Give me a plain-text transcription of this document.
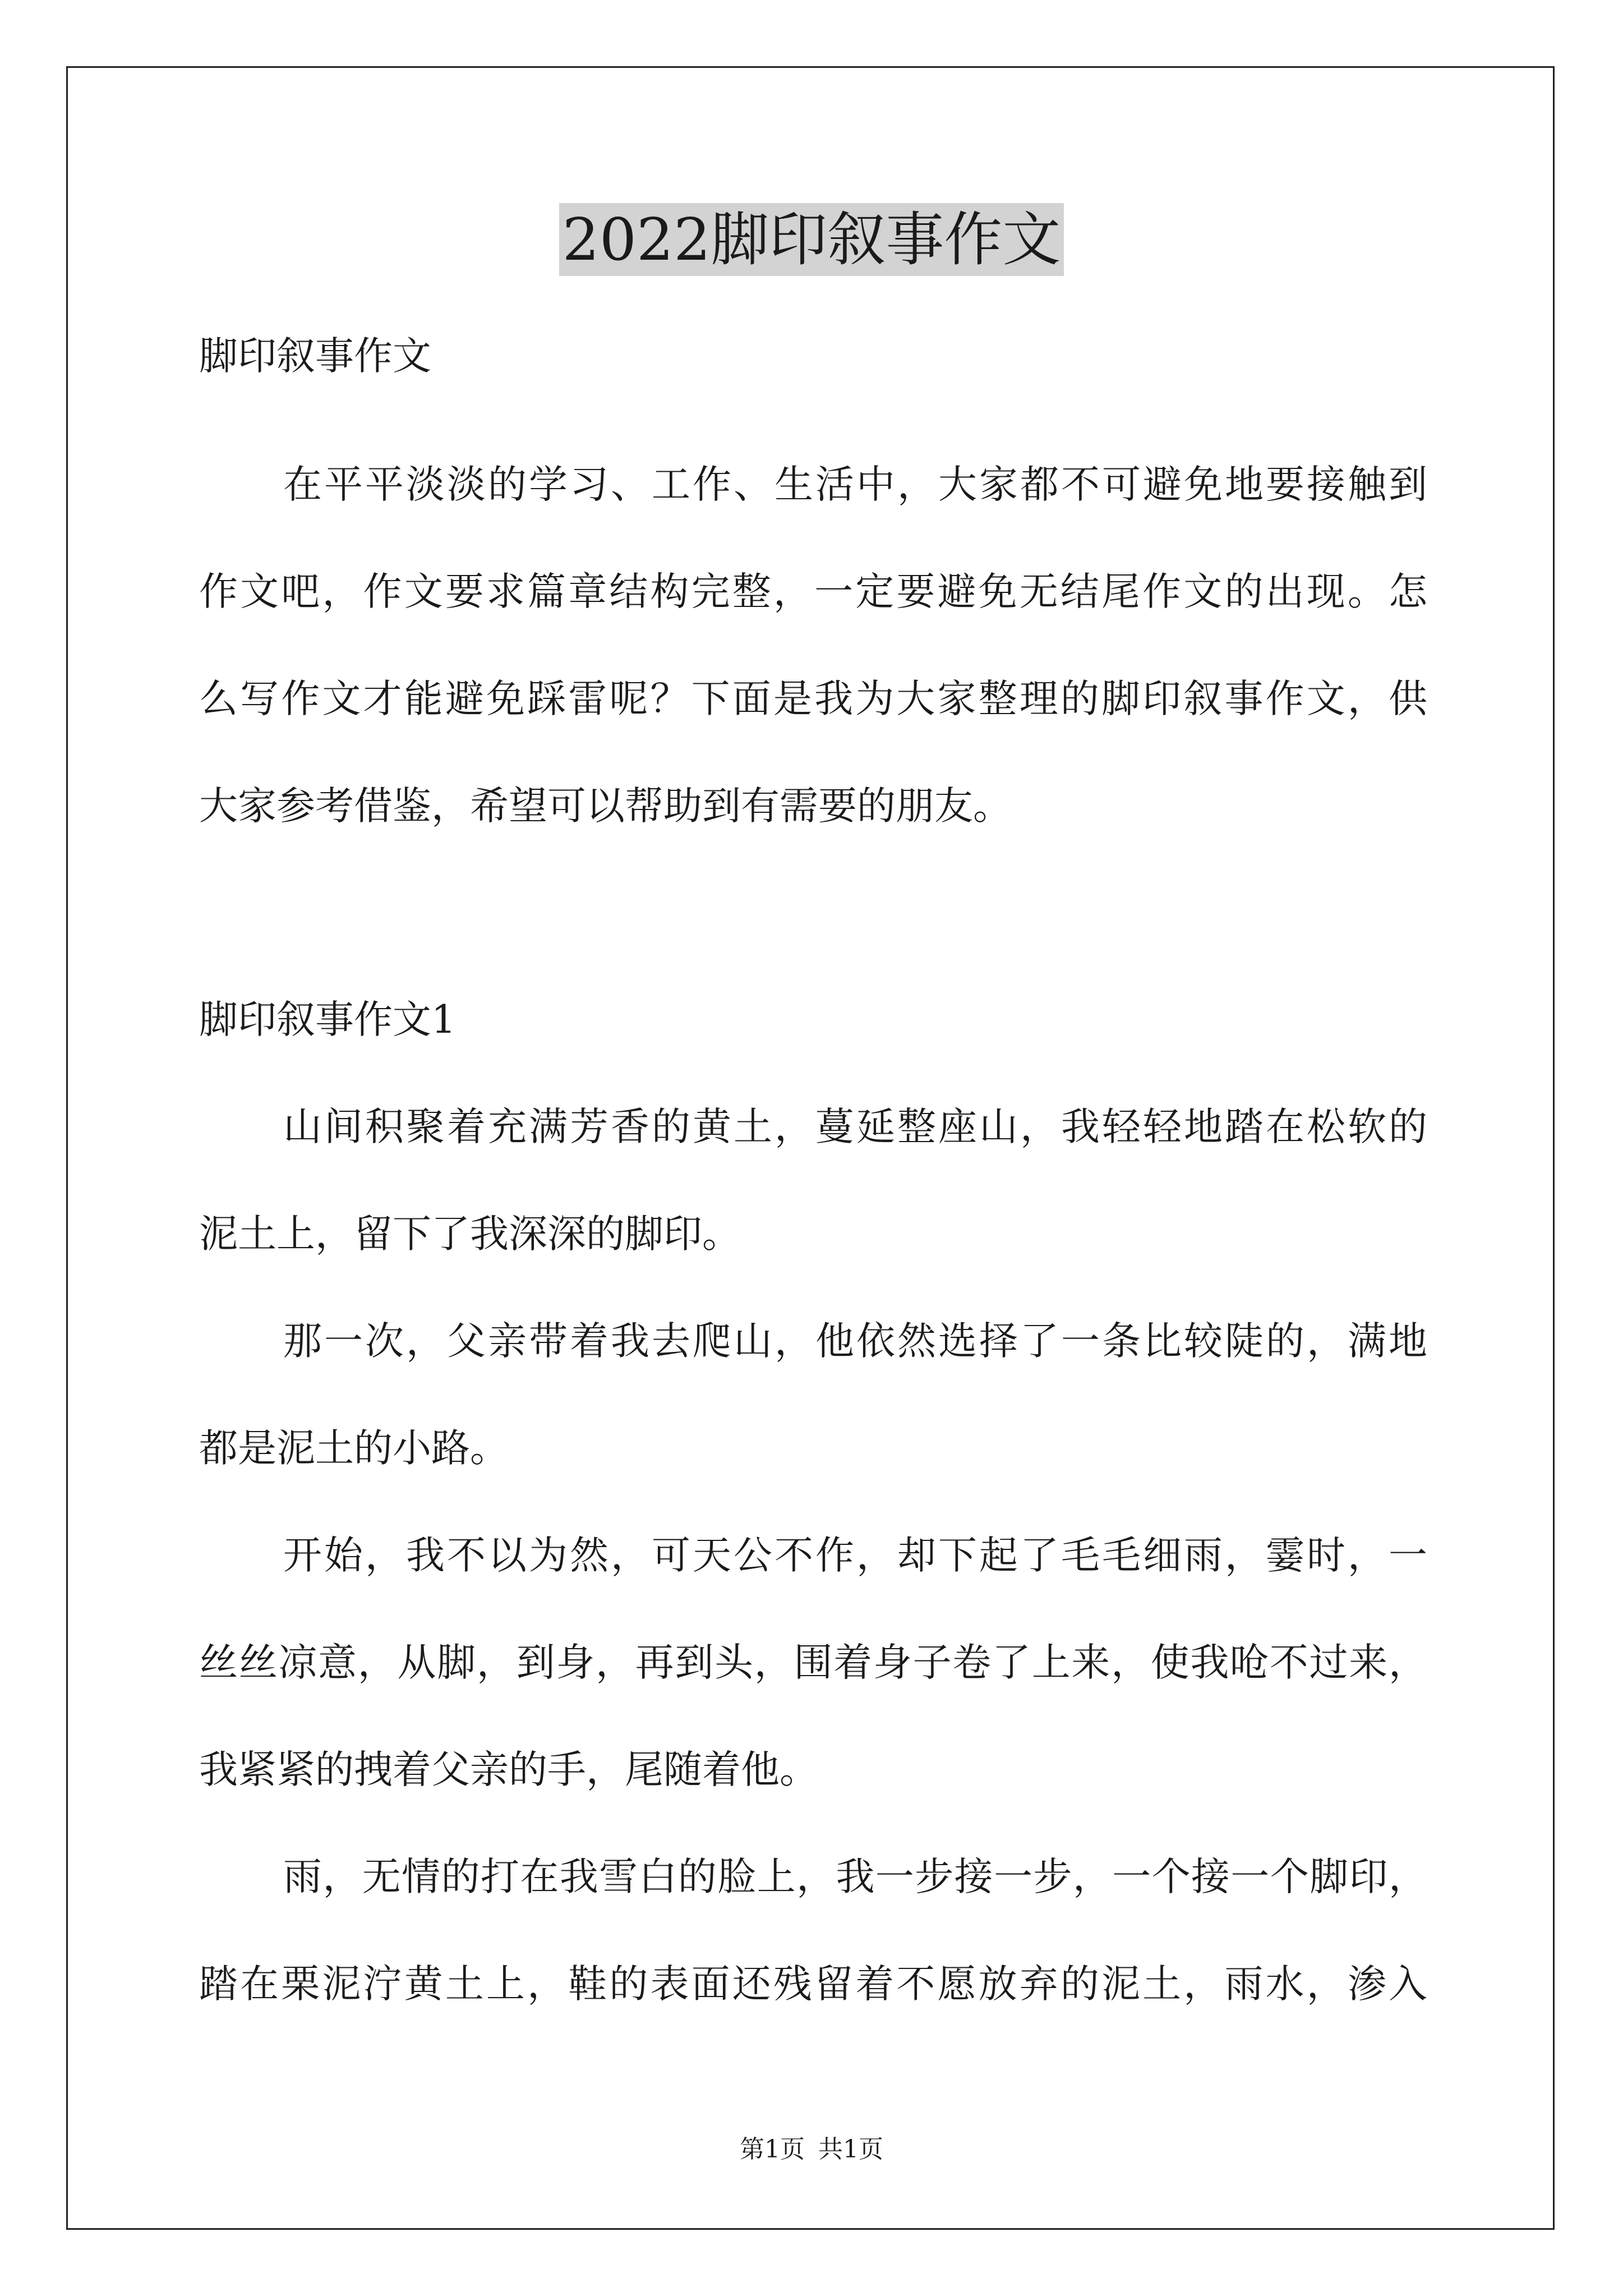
2022脚印叙事作文

脚印叙事作文

在平平淡淡的学习、工作、生活中，大家都不可避免地要接触到

作文吧，作文要求篇章结构完整，一定要避免无结尾作文的出现。怎

么写作文才能避免踩雷呢？下面是我为大家整理的脚印叙事作文，供

大家参考借鉴，希望可以帮助到有需要的朋友。

脚印叙事作文1

山间积聚着充满芳香的黄土，蔓延整座山，我轻轻地踏在松软的

泥土上，留下了我深深的脚印。

那一次，父亲带着我去爬山，他依然选择了一条比较陡的，满地

都是泥土的小路。

开始，我不以为然，可天公不作，却下起了毛毛细雨，霎时，一

丝丝凉意，从脚，到身，再到头，围着身子卷了上来，使我呛不过来，

我紧紧的拽着父亲的手，尾随着他。

雨，无情的打在我雪白的脸上，我一步接一步，一个接一个脚印，

踏在栗泥泞黄土上，鞋的表面还残留着不愿放弃的泥土，雨水，渗入

第1页 共1页
